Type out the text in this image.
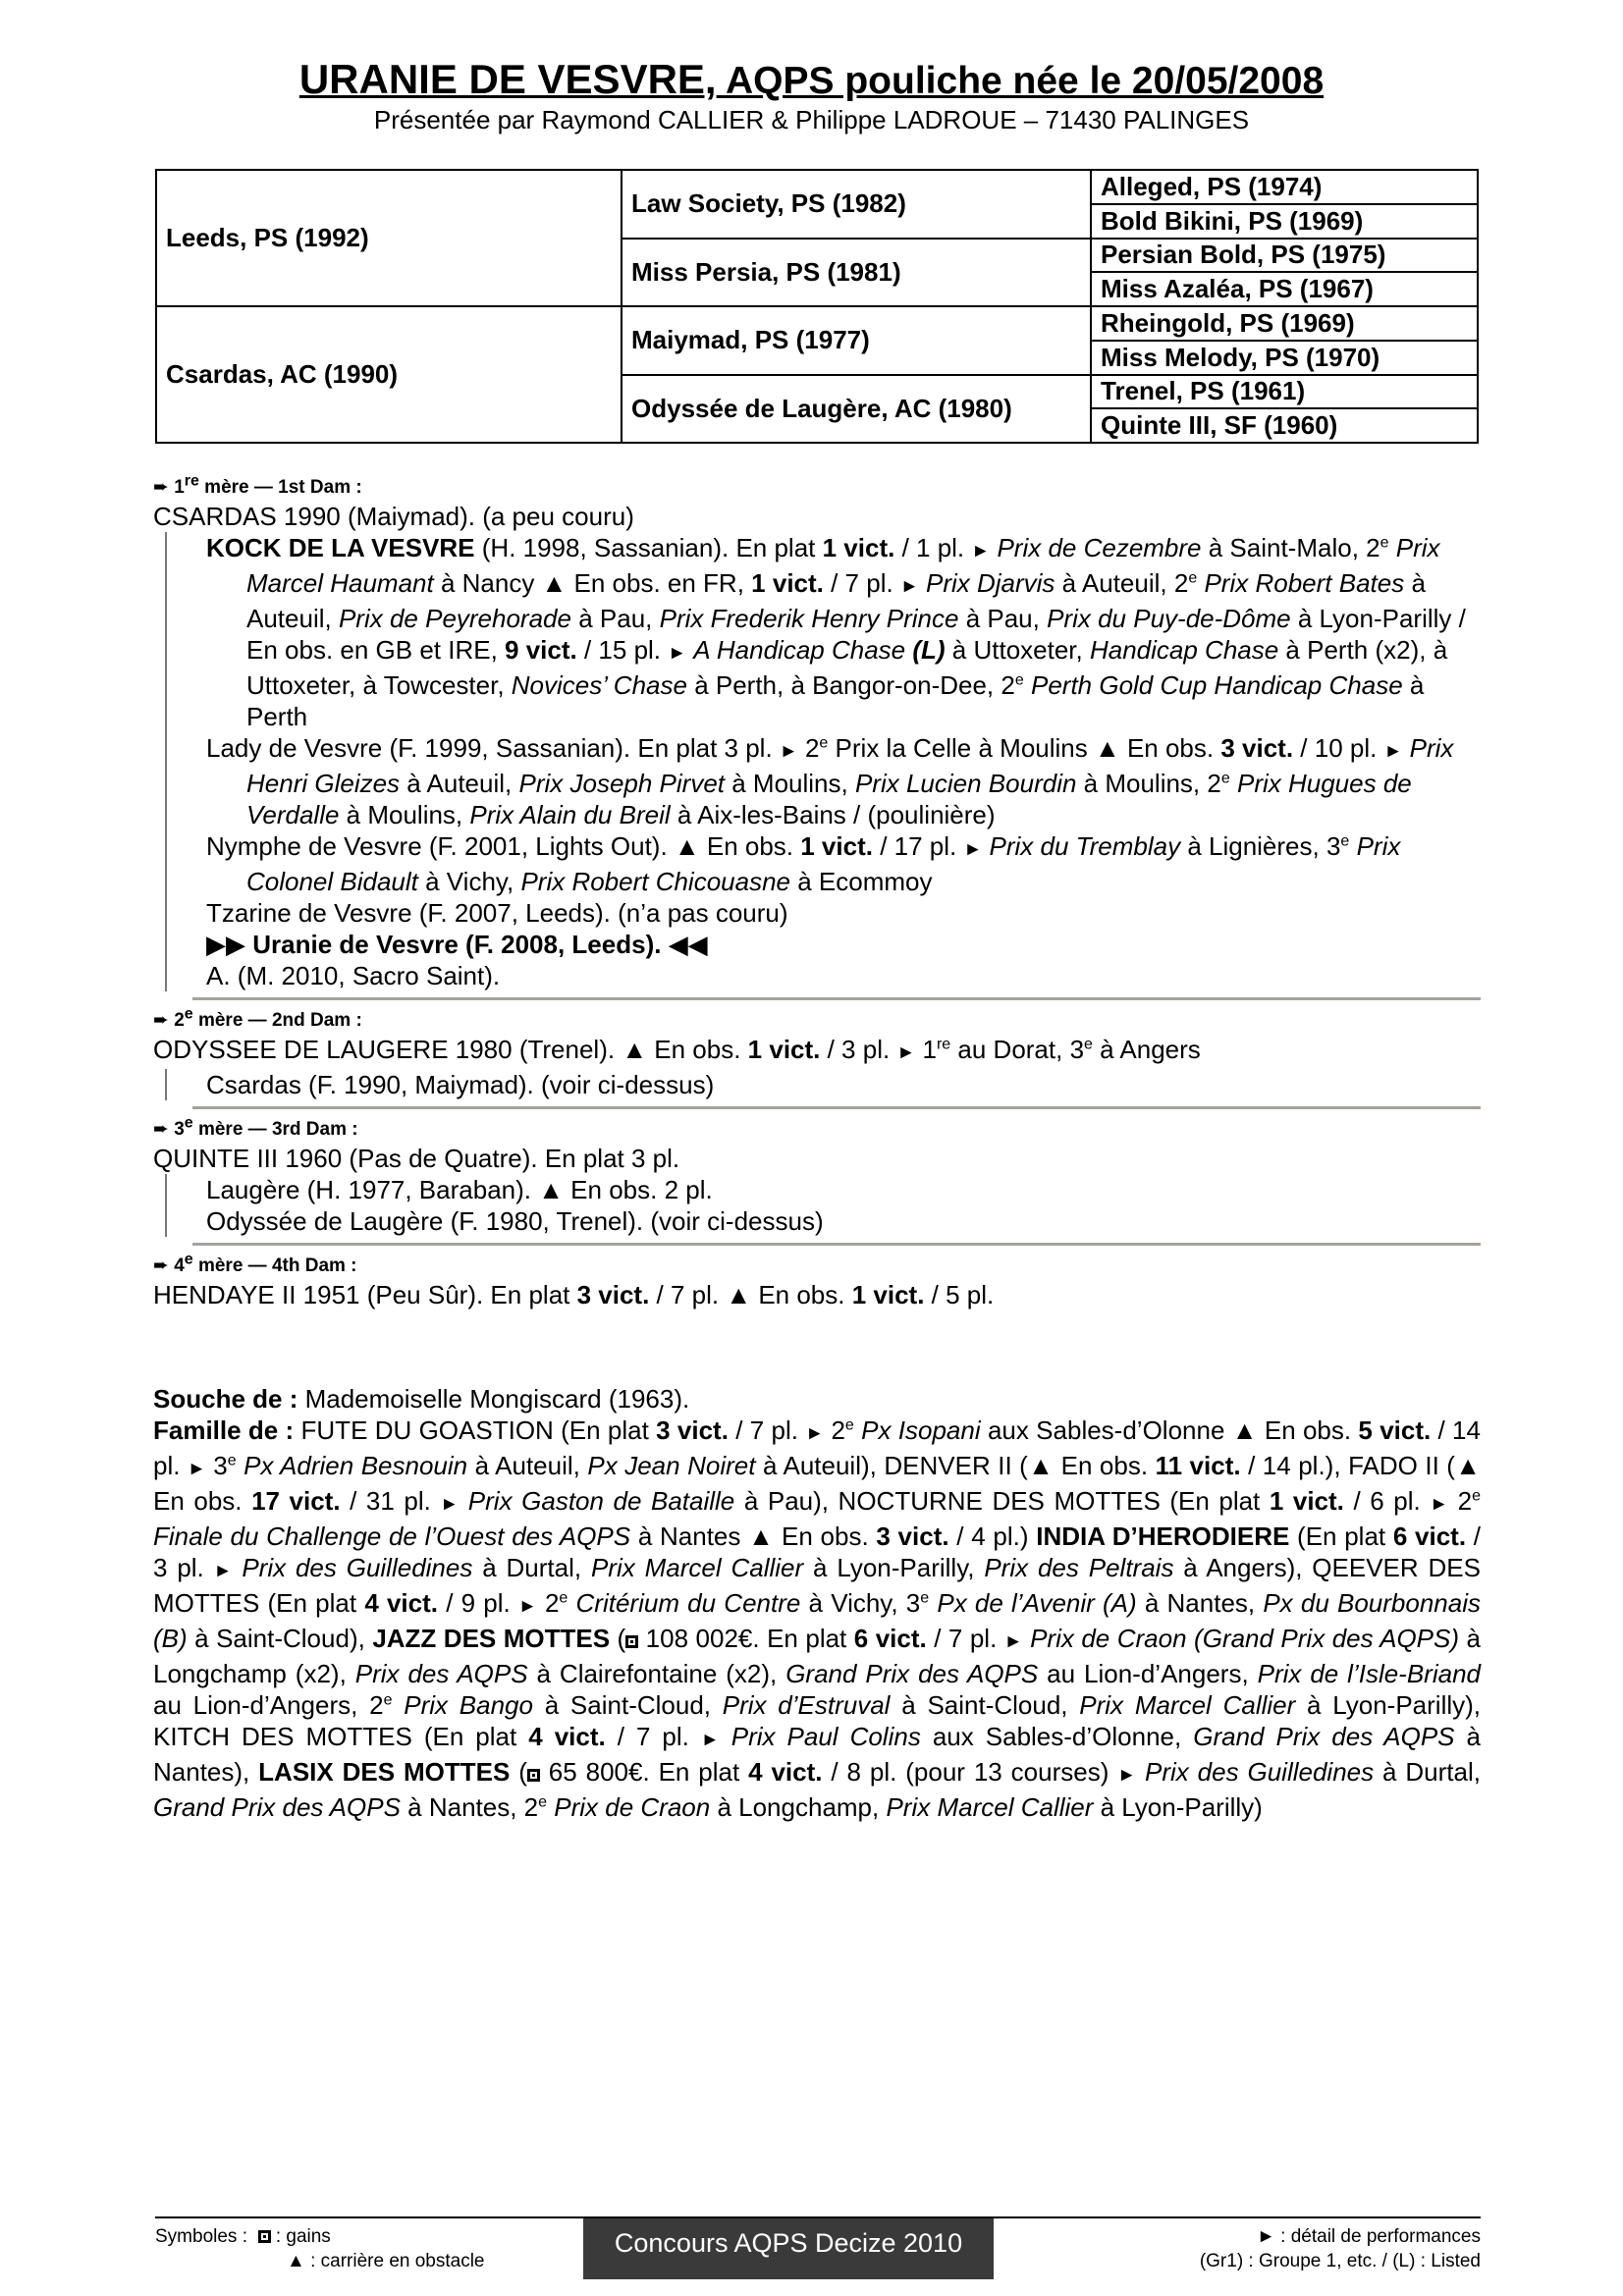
URANIE DE VESVRE, AQPS pouliche née le 20/05/2008
Présentée par Raymond CALLIER & Philippe LADROUE – 71430 PALINGES
Leeds, PS (1992)	Law Society, PS (1982)	Alleged, PS (1974)
		Bold Bikini, PS (1969)
	Miss Persia, PS (1981)	Persian Bold, PS (1975)
		Miss Azaléa, PS (1967)
Csardas, AC (1990)	Maiymad, PS (1977)	Rheingold, PS (1969)
		Miss Melody, PS (1970)
	Odyssée de Laugère, AC (1980)	Trenel, PS (1961)
		Quinte III, SF (1960)
➨ 1re mère — 1st Dam :
CSARDAS 1990 (Maiymad). (a peu couru)
KOCK DE LA VESVRE (H. 1998, Sassanian). En plat 1 vict. / 1 pl. ► Prix de Cezembre à Saint-Malo, 2e Prix Marcel Haumant à Nancy ▲ En obs. en FR, 1 vict. / 7 pl. ► Prix Djarvis à Auteuil, 2e Prix Robert Bates à Auteuil, Prix de Peyrehorade à Pau, Prix Frederik Henry Prince à Pau, Prix du Puy-de-Dôme à Lyon-Parilly / En obs. en GB et IRE, 9 vict. / 15 pl. ► A Handicap Chase (L) à Uttoxeter, Handicap Chase à Perth (x2), à Uttoxeter, à Towcester, Novices’ Chase à Perth, à Bangor-on-Dee, 2e Perth Gold Cup Handicap Chase à Perth
Lady de Vesvre (F. 1999, Sassanian). En plat 3 pl. ► 2e Prix la Celle à Moulins ▲ En obs. 3 vict. / 10 pl. ► Prix Henri Gleizes à Auteuil, Prix Joseph Pirvet à Moulins, Prix Lucien Bourdin à Moulins, 2e Prix Hugues de Verdalle à Moulins, Prix Alain du Breil à Aix-les-Bains / (poulinière)
Nymphe de Vesvre (F. 2001, Lights Out). ▲ En obs. 1 vict. / 17 pl. ► Prix du Tremblay à Lignières, 3e Prix Colonel Bidault à Vichy, Prix Robert Chicouasne à Ecommoy
Tzarine de Vesvre (F. 2007, Leeds). (n’a pas couru)
▶▶ Uranie de Vesvre (F. 2008, Leeds). ◀◀
A. (M. 2010, Sacro Saint).
➨ 2e mère — 2nd Dam :
ODYSSEE DE LAUGERE 1980 (Trenel). ▲ En obs. 1 vict. / 3 pl. ► 1re au Dorat, 3e à Angers
Csardas (F. 1990, Maiymad). (voir ci-dessus)
➨ 3e mère — 3rd Dam :
QUINTE III 1960 (Pas de Quatre). En plat 3 pl.
Laugère (H. 1977, Baraban). ▲ En obs. 2 pl.
Odyssée de Laugère (F. 1980, Trenel). (voir ci-dessus)
➨ 4e mère — 4th Dam :
HENDAYE II 1951 (Peu Sûr). En plat 3 vict. / 7 pl. ▲ En obs. 1 vict. / 5 pl.
Souche de : Mademoiselle Mongiscard (1963).
Famille de : FUTE DU GOASTION (En plat 3 vict. / 7 pl. ► 2e Px Isopani aux Sables-d’Olonne ▲ En obs. 5 vict. / 14 pl. ► 3e Px Adrien Besnouin à Auteuil, Px Jean Noiret à Auteuil), DENVER II (▲ En obs. 11 vict. / 14 pl.), FADO II (▲ En obs. 17 vict. / 31 pl. ► Prix Gaston de Bataille à Pau), NOCTURNE DES MOTTES (En plat 1 vict. / 6 pl. ► 2e Finale du Challenge de l’Ouest des AQPS à Nantes ▲ En obs. 3 vict. / 4 pl.) INDIA D’HERODIERE (En plat 6 vict. / 3 pl. ► Prix des Guilledines à Durtal, Prix Marcel Callier à Lyon-Parilly, Prix des Peltrais à Angers), QEEVER DES MOTTES (En plat 4 vict. / 9 pl. ► 2e Critérium du Centre à Vichy, 3e Px de l’Avenir (A) à Nantes, Px du Bourbonnais (B) à Saint-Cloud), JAZZ DES MOTTES ( 108 002€. En plat 6 vict. / 7 pl. ► Prix de Craon (Grand Prix des AQPS) à Longchamp (x2), Prix des AQPS à Clairefontaine (x2), Grand Prix des AQPS au Lion-d’Angers, Prix de l’Isle-Briand au Lion-d’Angers, 2e Prix Bango à Saint-Cloud, Prix d’Estruval à Saint-Cloud, Prix Marcel Callier à Lyon-Parilly), KITCH DES MOTTES (En plat 4 vict. / 7 pl. ► Prix Paul Colins aux Sables-d’Olonne, Grand Prix des AQPS à Nantes), LASIX DES MOTTES ( 65 800€. En plat 4 vict. / 8 pl. (pour 13 courses) ► Prix des Guilledines à Durtal, Grand Prix des AQPS à Nantes, 2e Prix de Craon à Longchamp, Prix Marcel Callier à Lyon-Parilly)
Symboles : : gains
▲ : carrière en obstacle
Concours AQPS Decize 2010	► : détail de performances
(Gr1) : Groupe 1, etc. / (L) : Listed
